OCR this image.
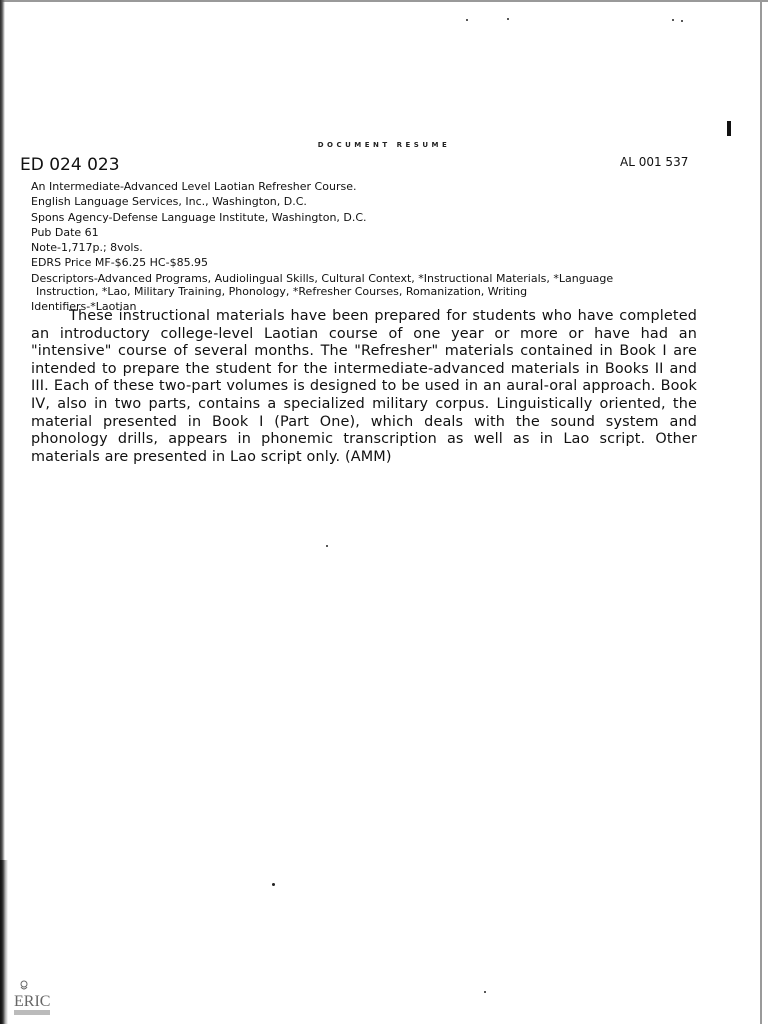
DOCUMENT RESUME
ED 024 023	AL 001 537
An Intermediate-Advanced Level Laotian Refresher Course.
English Language Services, Inc., Washington, D.C.
Spons Agency-Defense Language Institute, Washington, D.C.
Pub Date 61
Note-1,717p.; 8vols.
EDRS Price MF-$6.25 HC-$85.95
Descriptors-Advanced Programs, Audiolingual Skills, Cultural Context, *Instructional Materials, *Language
Instruction, *Lao, Military Training, Phonology, *Refresher Courses, Romanization, Writing
Identifiers-*Laotian
These instructional materials have been prepared for students who have completed an introductory college-level Laotian course of one year or more or have had an "intensive" course of several months. The "Refresher" materials contained in Book I are intended to prepare the student for the intermediate-advanced materials in Books II and III. Each of these two-part volumes is designed to be used in an aural-oral approach. Book IV, also in two parts, contains a specialized military corpus. Linguistically oriented, the material presented in Book I (Part One), which deals with the sound system and phonology drills, appears in phonemic transcription as well as in Lao script. Other materials are presented in Lao script only. (AMM)
ERIC
